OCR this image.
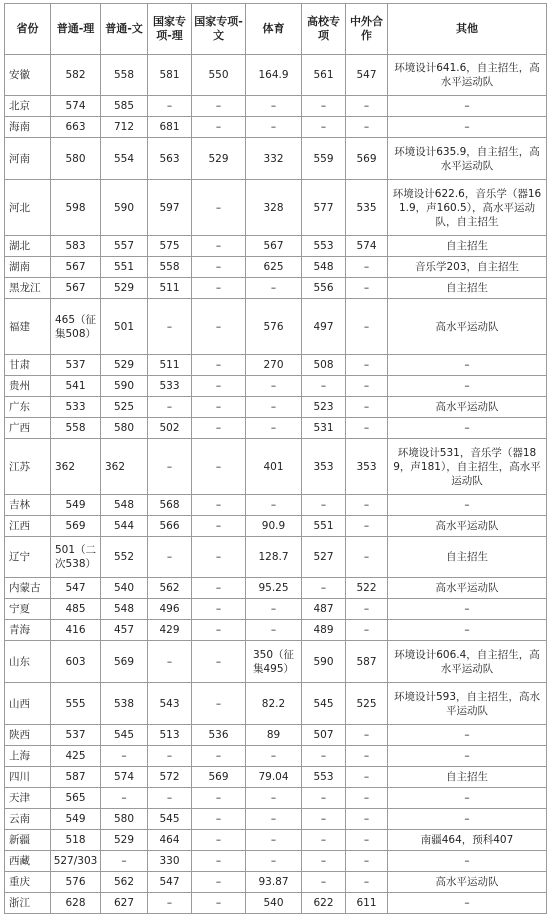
省份	普通-理	普通-文	国家专项-理	国家专项-文	体育	高校专项	中外合作	其他
安徽	582	558	581	550	164.9	561	547	环境设计641.6，自主招生，高水平运动队
北京	574	585	–	–	–	–	–	–
海南	663	712	681	–	–	–	–	–
河南	580	554	563	529	332	559	569	环境设计635.9，自主招生，高水平运动队
河北	598	590	597	–	328	577	535	环境设计622.6，音乐学（器161.9，声160.5），高水平运动队，自主招生
湖北	583	557	575	–	567	553	574	自主招生
湖南	567	551	558	–	625	548	–	音乐学203，自主招生
黑龙江	567	529	511	–	–	556	–	自主招生
福建	465（征集508）	501	–	–	576	497	–	高水平运动队
甘肃	537	529	511	–	270	508	–	–
贵州	541	590	533	–	–	–	–	–
广东	533	525	–	–	–	523	–	高水平运动队
广西	558	580	502	–	–	531	–	–
江苏	362	362	–	–	401	353	353	环境设计531，音乐学（器189，声181），自主招生，高水平运动队
吉林	549	548	568	–	–	–	–	–
江西	569	544	566	–	90.9	551	–	高水平运动队
辽宁	501（二次538）	552	–	–	128.7	527	–	自主招生
内蒙古	547	540	562	–	95.25	–	522	高水平运动队
宁夏	485	548	496	–	–	487	–	–
青海	416	457	429	–	–	489	–	–
山东	603	569	–	–	350（征集495）	590	587	环境设计606.4，自主招生，高水平运动队
山西	555	538	543	–	82.2	545	525	环境设计593，自主招生，高水平运动队
陕西	537	545	513	536	89	507	–	–
上海	425	–	–	–	–	–	–	–
四川	587	574	572	569	79.04	553	–	自主招生
天津	565	–	–	–	–	–	–	–
云南	549	580	545	–	–	–	–	–
新疆	518	529	464	–	–	–	–	南疆464，预科407
西藏	527/303	–	330	–	–	–	–	–
重庆	576	562	547	–	93.87	–	–	高水平运动队
浙江	628	627	–	–	540	622	611	–
